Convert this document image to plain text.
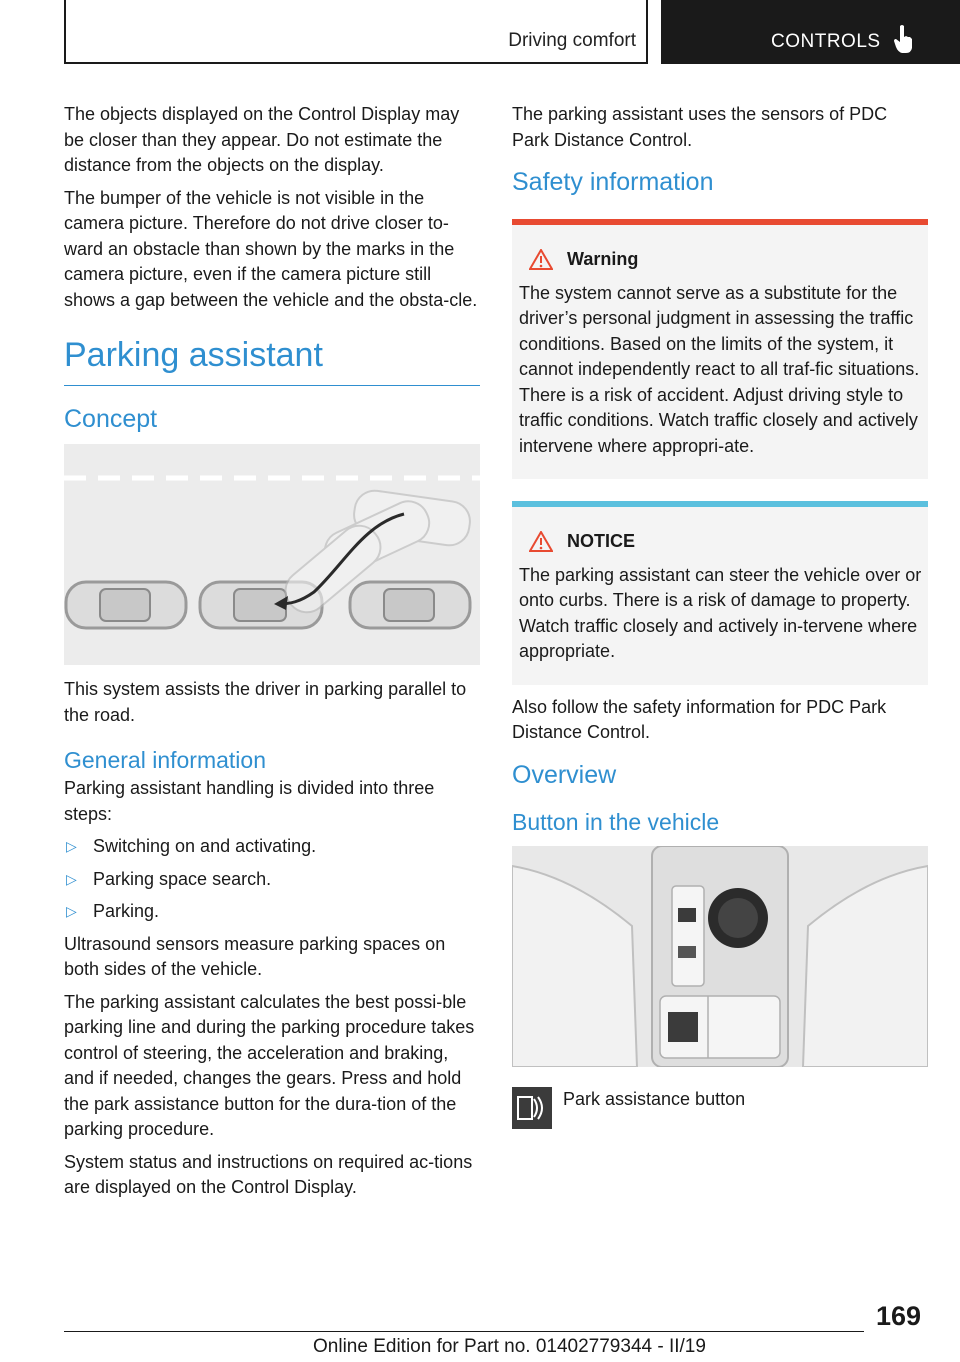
Driving comfort	CONTROLS

The objects displayed on the Control Display may be closer than they appear. Do not estimate the distance from the objects on the display.

The bumper of the vehicle is not visible in the camera picture. Therefore do not drive closer to-ward an obstacle than shown by the marks in the camera picture, even if the camera picture still shows a gap between the vehicle and the obsta-cle.

Parking assistant
Concept

This system assists the driver in parking parallel to the road.

General information

Parking assistant handling is divided into three steps:

▷ Switching on and activating.
▷ Parking space search.
▷ Parking.

Ultrasound sensors measure parking spaces on both sides of the vehicle.

The parking assistant calculates the best possi-ble parking line and during the parking procedure takes control of steering, the acceleration and braking, and if needed, changes the gears. Press and hold the park assistance button for the dura-tion of the parking procedure.

System status and instructions on required ac-tions are displayed on the Control Display.

The parking assistant uses the sensors of PDC Park Distance Control.

Safety information
Warning
The system cannot serve as a substitute for the driver’s personal judgment in assessing the traffic conditions. Based on the limits of the system, it cannot independently react to all traf-fic situations. There is a risk of accident. Adjust driving style to traffic conditions. Watch traffic closely and actively intervene where appropri-ate.
NOTICE
The parking assistant can steer the vehicle over or onto curbs. There is a risk of damage to property. Watch traffic closely and actively in-tervene where appropriate.

Also follow the safety information for PDC Park Distance Control.

Overview
Button in the vehicle
Park assistance button
169
Online Edition for Part no. 01402779344 - II/19
